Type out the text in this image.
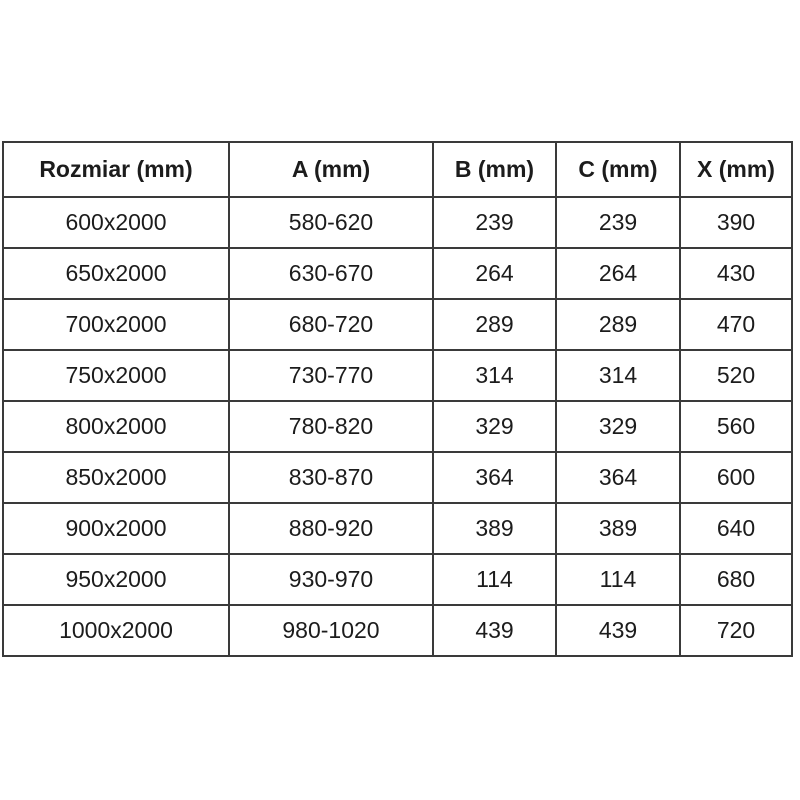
Rozmiar (mm)	A (mm)	B (mm)	C (mm)	X (mm)
600x2000	580-620	239	239	390
650x2000	630-670	264	264	430
700x2000	680-720	289	289	470
750x2000	730-770	314	314	520
800x2000	780-820	329	329	560
850x2000	830-870	364	364	600
900x2000	880-920	389	389	640
950x2000	930-970	114	114	680
1000x2000	980-1020	439	439	720
